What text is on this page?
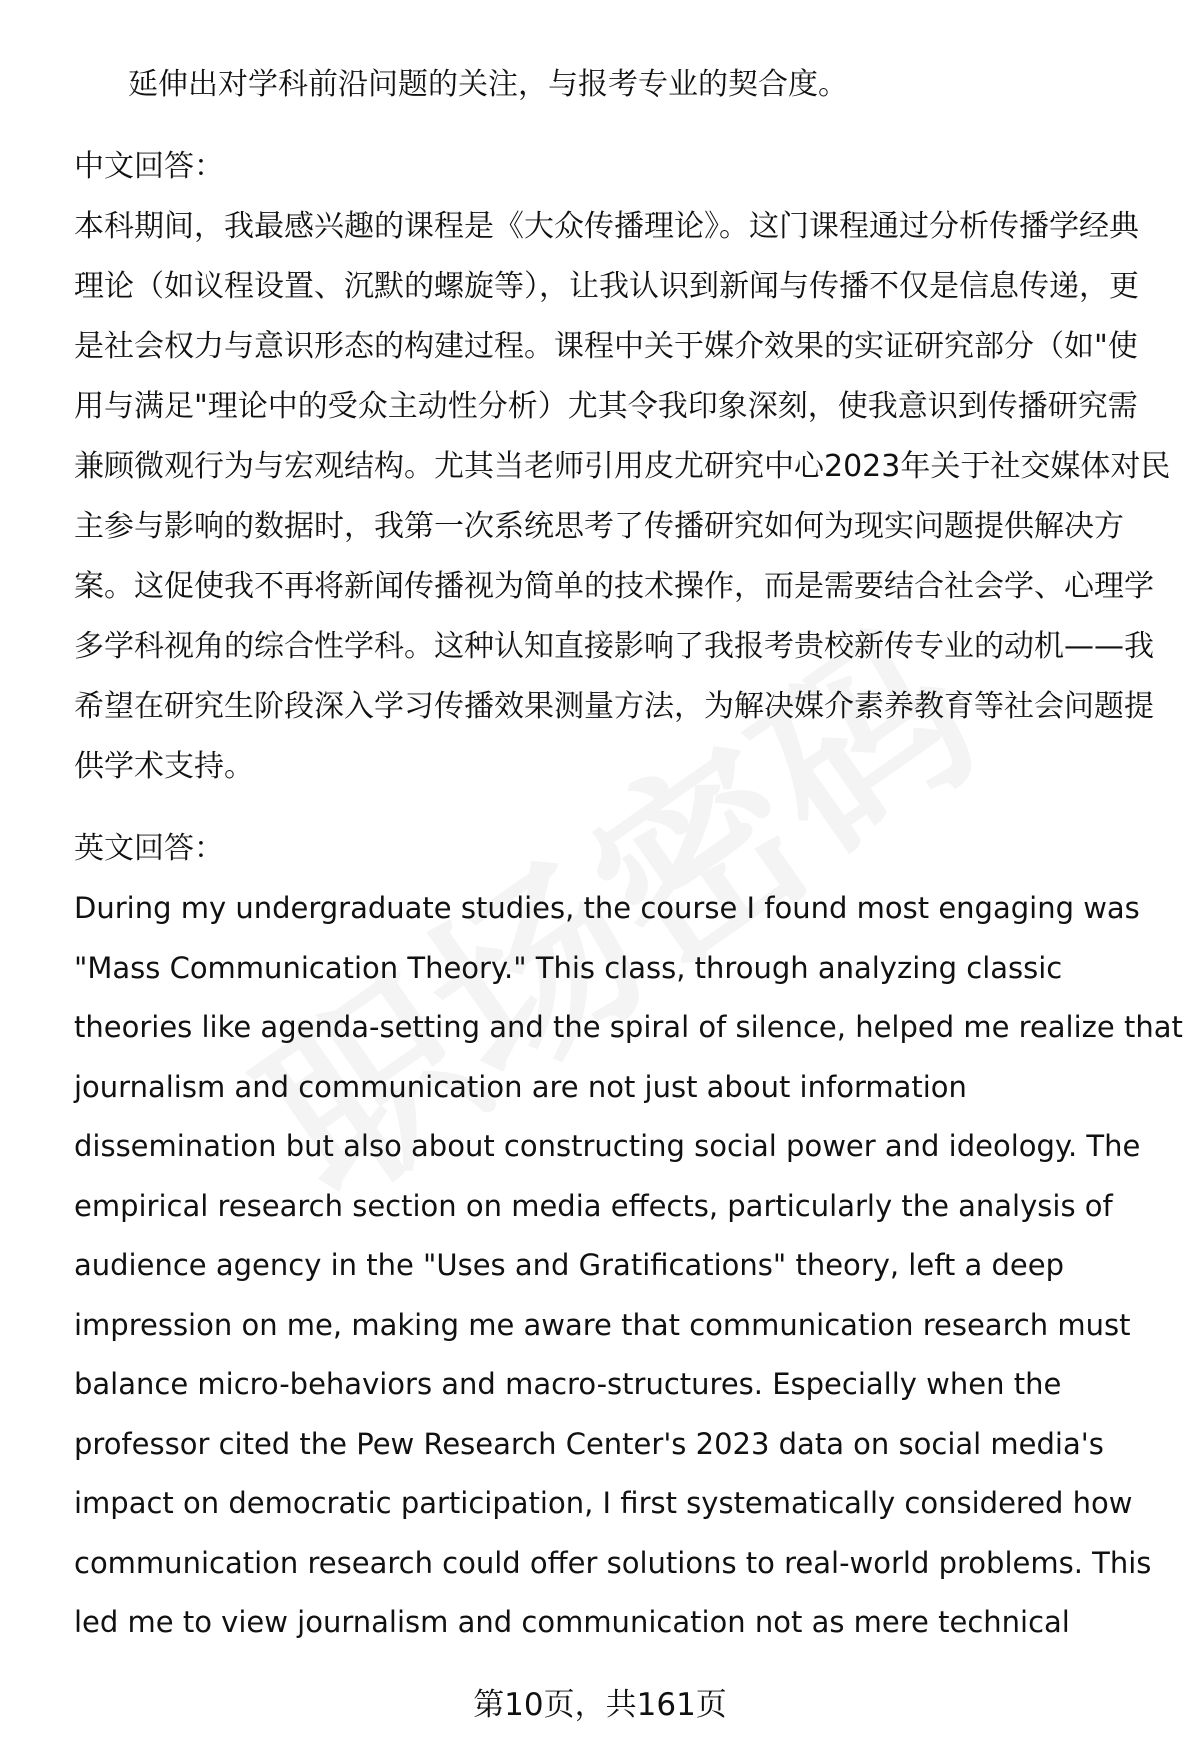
延伸出对学科前沿问题的关注，与报考专业的契合度。

中文回答：

本科期间，我最感兴趣的课程是《大众传播理论》。这门课程通过分析传播学经典

理论（如议程设置、沉默的螺旋等），让我认识到新闻与传播不仅是信息传递，更

是社会权力与意识形态的构建过程。课程中关于媒介效果的实证研究部分（如"使

用与满足"理论中的受众主动性分析）尤其令我印象深刻，使我意识到传播研究需

兼顾微观行为与宏观结构。尤其当老师引用皮尤研究中心2023年关于社交媒体对民

主参与影响的数据时，我第一次系统思考了传播研究如何为现实问题提供解决方

案。这促使我不再将新闻传播视为简单的技术操作，而是需要结合社会学、心理学

多学科视角的综合性学科。这种认知直接影响了我报考贵校新传专业的动机——我

希望在研究生阶段深入学习传播效果测量方法，为解决媒介素养教育等社会问题提

供学术支持。

英文回答：

During my undergraduate studies, the course I found most engaging was

"Mass Communication Theory." This class, through analyzing classic

theories like agenda-setting and the spiral of silence, helped me realize that

journalism and communication are not just about information

dissemination but also about constructing social power and ideology. The

empirical research section on media effects, particularly the analysis of

audience agency in the "Uses and Gratifications" theory, left a deep

impression on me, making me aware that communication research must

balance micro-behaviors and macro-structures. Especially when the

professor cited the Pew Research Center's 2023 data on social media's

impact on democratic participation, I first systematically considered how

communication research could offer solutions to real-world problems. This

led me to view journalism and communication not as mere technical

第10页，共161页
